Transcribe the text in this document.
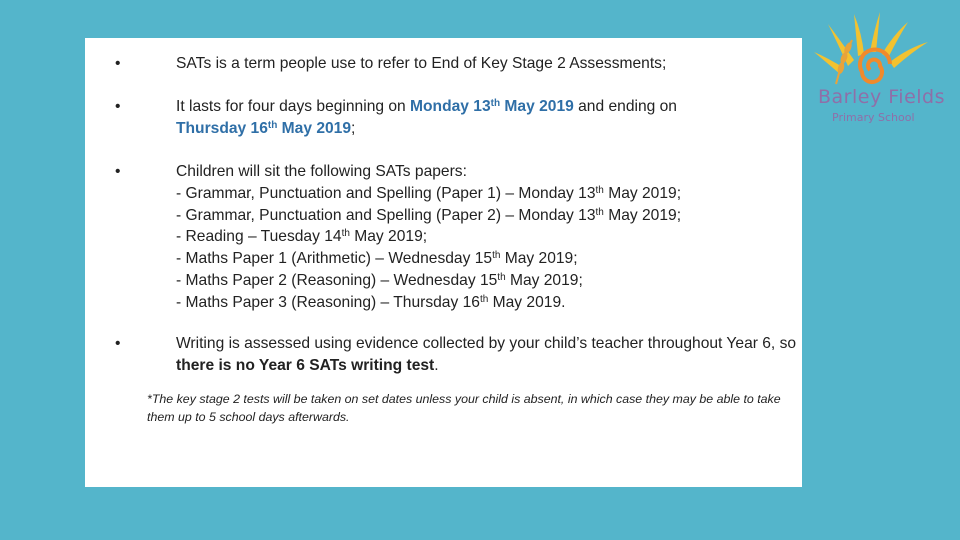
•	SATs is a term people use to refer to End of Key Stage 2 Assessments;
•	It lasts for four days beginning on Monday 13th May 2019 and ending on
Thursday 16th May 2019;
•	Children will sit the following SATs papers:
- Grammar, Punctuation and Spelling (Paper 1) – Monday 13th May 2019;
- Grammar, Punctuation and Spelling (Paper 2) – Monday 13th May 2019;
- Reading – Tuesday 14th May 2019;
- Maths Paper 1 (Arithmetic) – Wednesday 15th May 2019;
- Maths Paper 2 (Reasoning) – Wednesday 15th May 2019;
- Maths Paper 3 (Reasoning) – Thursday 16th May 2019.
•	Writing is assessed using evidence collected by your child’s teacher throughout Year 6, so there is no Year 6 SATs writing test.
*The key stage 2 tests will be taken on set dates unless your child is absent, in which case they may be able to take them up to 5 school days afterwards.
Barley Fields
Primary School
